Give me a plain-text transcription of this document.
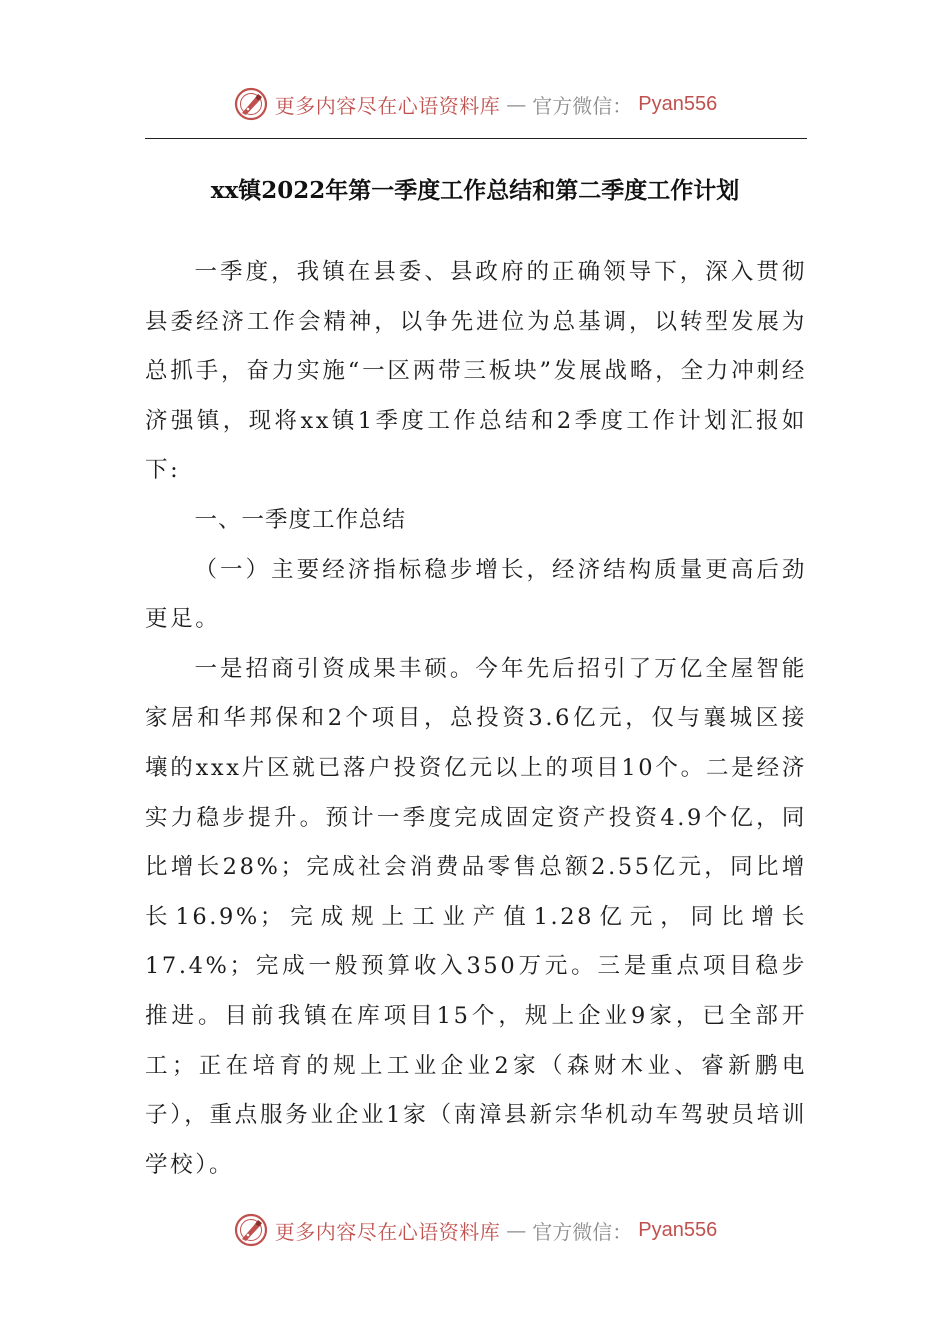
更多内容尽在心语资料库 — 官方微信： Pyan556
xx镇2022年第一季度工作总结和第二季度工作计划

一季度，我镇在县委、县政府的正确领导下，深入贯彻县委经济工作会精神，以争先进位为总基调，以转型发展为总抓手，奋力实施“一区两带三板块”发展战略，全力冲刺经济强镇，现将xx镇1季度工作总结和2季度工作计划汇报如下:

一、一季度工作总结

（一）主要经济指标稳步增长，经济结构质量更高后劲更足。

一是招商引资成果丰硕。今年先后招引了万亿全屋智能家居和华邦保和2个项目，总投资3.6亿元，仅与襄城区接壤的xxx片区就已落户投资亿元以上的项目10个。二是经济实力稳步提升。预计一季度完成固定资产投资4.9个亿，同比增长28%；完成社会消费品零售总额2.55亿元，同比增长16.9%；完成规上工业产值1.28亿元，同比增长17.4%；完成一般预算收入350万元。三是重点项目稳步推进。目前我镇在库项目15个，规上企业9家，已全部开工；正在培育的规上工业企业2家（森财木业、睿新鹏电子），重点服务业企业1家（南漳县新宗华机动车驾驶员培训学校）。

更多内容尽在心语资料库 — 官方微信： Pyan556
